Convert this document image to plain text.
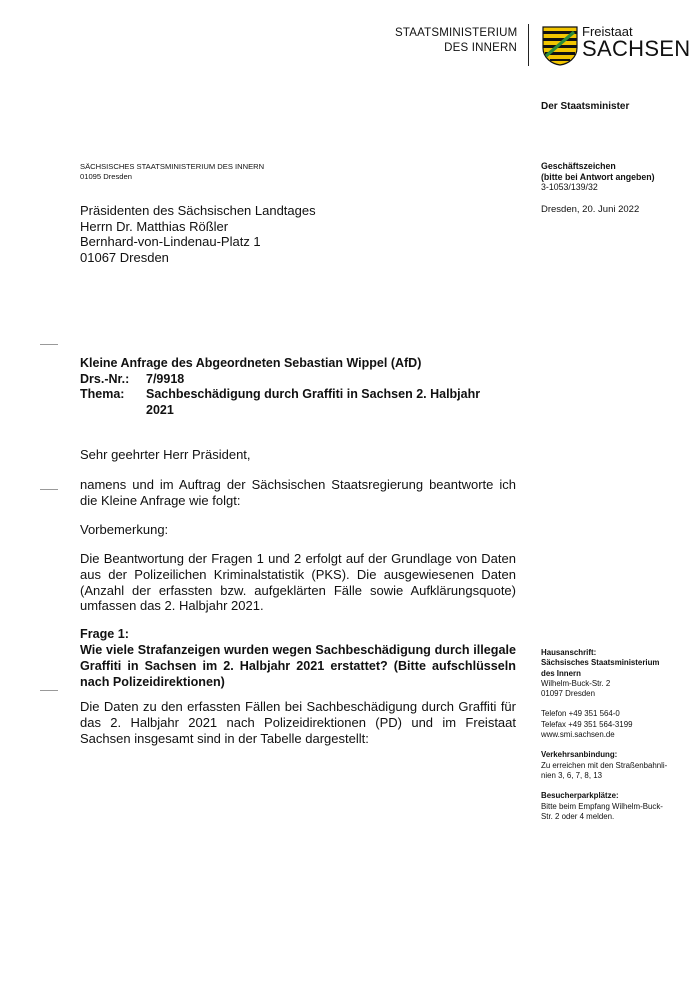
STAATSMINISTERIUM
DES INNERN
Freistaat
SACHSEN
Der Staatsminister
SÄCHSISCHES STAATSMINISTERIUM DES INNERN
01095 Dresden
Präsidenten des Sächsischen Landtages
Herrn Dr. Matthias Rößler
Bernhard-von-Lindenau-Platz 1
01067 Dresden
Geschäftszeichen
(bitte bei Antwort angeben)
3-1053/139/32
Dresden, 20. Juni 2022
Kleine Anfrage des Abgeordneten Sebastian Wippel (AfD)
Drs.-Nr.:	7/9918
Thema:	Sachbeschädigung durch Graffiti in Sachsen 2. Halbjahr
2021
Sehr geehrter Herr Präsident,
namens und im Auftrag der Sächsischen Staatsregierung beantworte ich die Kleine Anfrage wie folgt:
Vorbemerkung:
Die Beantwortung der Fragen 1 und 2 erfolgt auf der Grundlage von Daten aus der Polizeilichen Kriminalstatistik (PKS). Die ausgewiesenen Daten (Anzahl der erfassten bzw. aufgeklärten Fälle sowie Aufklärungsquote) umfassen das 2. Halbjahr 2021.
Frage 1:
Wie viele Strafanzeigen wurden wegen Sachbeschädigung durch illegale Graffiti in Sachsen im 2. Halbjahr 2021 erstattet? (Bitte aufschlüsseln nach Polizeidirektionen)
Die Daten zu den erfassten Fällen bei Sachbeschädigung durch Graffiti für das 2. Halbjahr 2021 nach Polizeidirektionen (PD) und im Freistaat Sachsen insgesamt sind in der Tabelle dargestellt:
Hausanschrift:
Sächsisches Staatsministerium
des Innern
Wilhelm-Buck-Str. 2
01097 Dresden
Telefon +49 351 564-0
Telefax +49 351 564-3199
www.smi.sachsen.de
Verkehrsanbindung:
Zu erreichen mit den Straßenbahnli-
nien 3, 6, 7, 8, 13
Besucherparkplätze:
Bitte beim Empfang Wilhelm-Buck-
Str. 2 oder 4 melden.
